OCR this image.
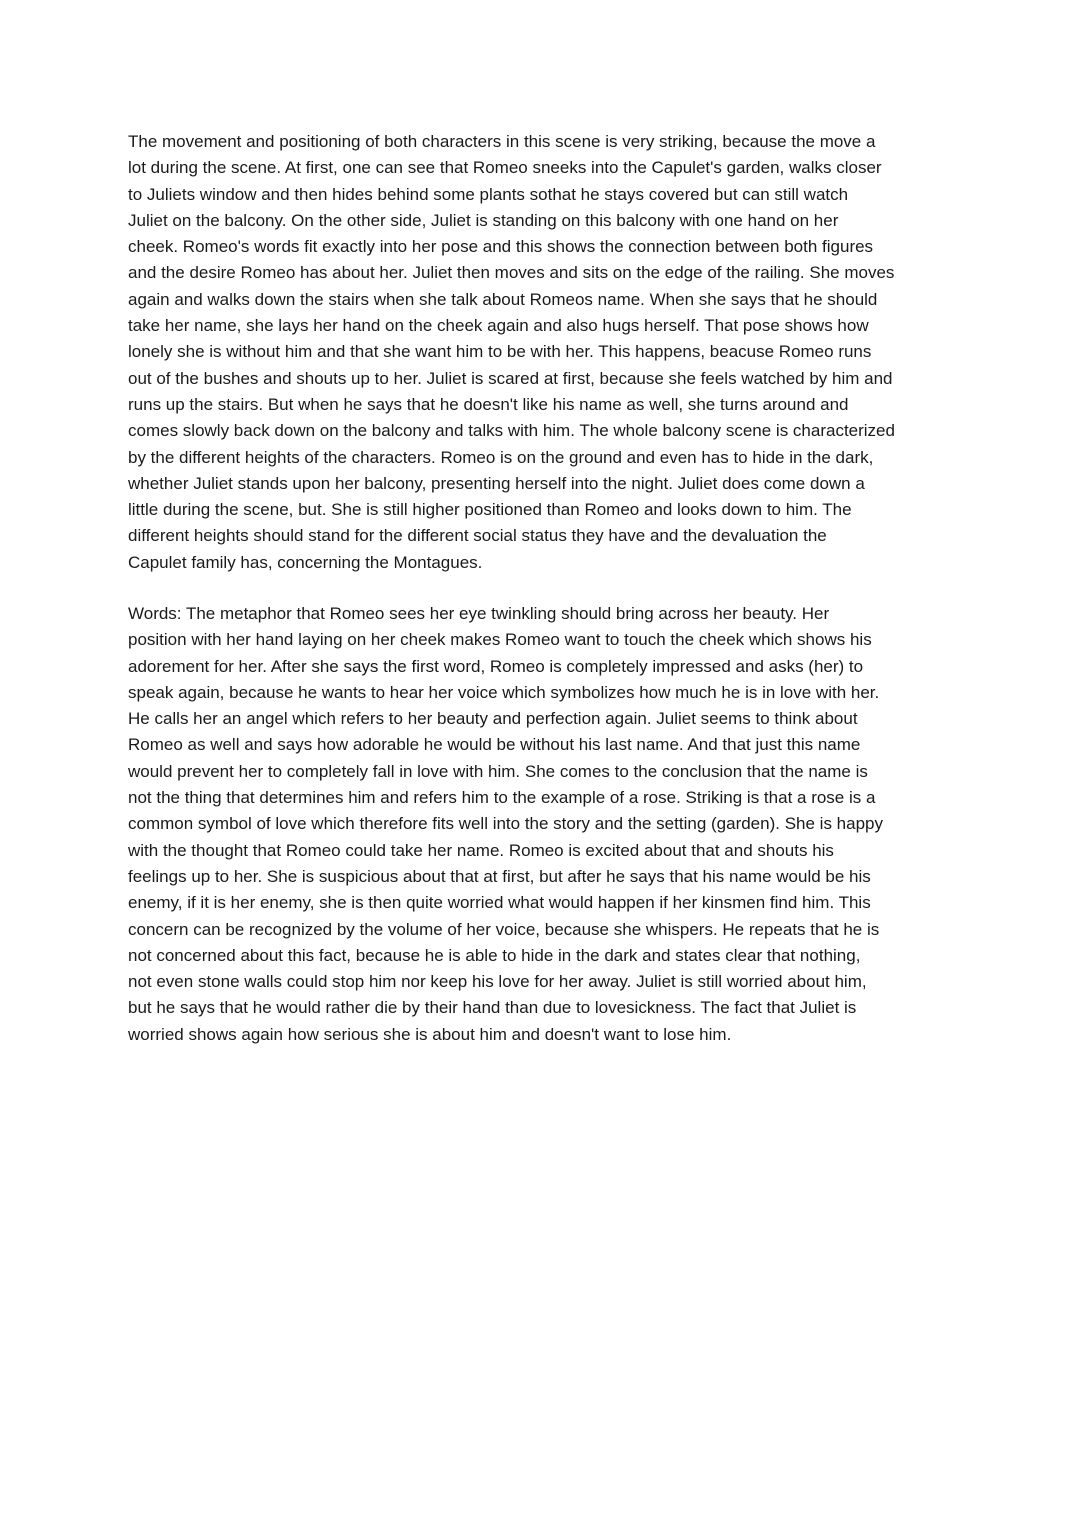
The movement and positioning of both characters in this scene is very striking, because the move a
lot during the scene. At first, one can see that Romeo sneeks into the Capulet's garden, walks closer
to Juliets window and then hides behind some plants sothat he stays covered but can still watch
Juliet on the balcony. On the other side, Juliet is standing on this balcony with one hand on her
cheek. Romeo's words fit exactly into her pose and this shows the connection between both figures
and the desire Romeo has about her. Juliet then moves and sits on the edge of the railing. She moves
again and walks down the stairs when she talk about Romeos name. When she says that he should
take her name, she lays her hand on the cheek again and also hugs herself. That pose shows how
lonely she is without him and that she want him to be with her. This happens, beacuse Romeo runs
out of the bushes and shouts up to her. Juliet is scared at first, because she feels watched by him and
runs up the stairs. But when he says that he doesn't like his name as well, she turns around and
comes slowly back down on the balcony and talks with him. The whole balcony scene is characterized
by the different heights of the characters. Romeo is on the ground and even has to hide in the dark,
whether Juliet stands upon her balcony, presenting herself into the night. Juliet does come down a
little during the scene, but. She is still higher positioned than Romeo and looks down to him. The
different heights should stand for the different social status they have and the devaluation the
Capulet family has, concerning the Montagues.

Words: The metaphor that Romeo sees her eye twinkling should bring across her beauty. Her
position with her hand laying on her cheek makes Romeo want to touch the cheek which shows his
adorement for her. After she says the first word, Romeo is completely impressed and asks (her) to
speak again, because he wants to hear her voice which symbolizes how much he is in love with her.
He calls her an angel which refers to her beauty and perfection again. Juliet seems to think about
Romeo as well and says how adorable he would be without his last name. And that just this name
would prevent her to completely fall in love with him. She comes to the conclusion that the name is
not the thing that determines him and refers him to the example of a rose. Striking is that a rose is a
common symbol of love which therefore fits well into the story and the setting (garden). She is happy
with the thought that Romeo could take her name. Romeo is excited about that and shouts his
feelings up to her. She is suspicious about that at first, but after he says that his name would be his
enemy, if it is her enemy, she is then quite worried what would happen if her kinsmen find him. This
concern can be recognized by the volume of her voice, because she whispers. He repeats that he is
not concerned about this fact, because he is able to hide in the dark and states clear that nothing,
not even stone walls could stop him nor keep his love for her away. Juliet is still worried about him,
but he says that he would rather die by their hand than due to lovesickness. The fact that Juliet is
worried shows again how serious she is about him and doesn't want to lose him.
